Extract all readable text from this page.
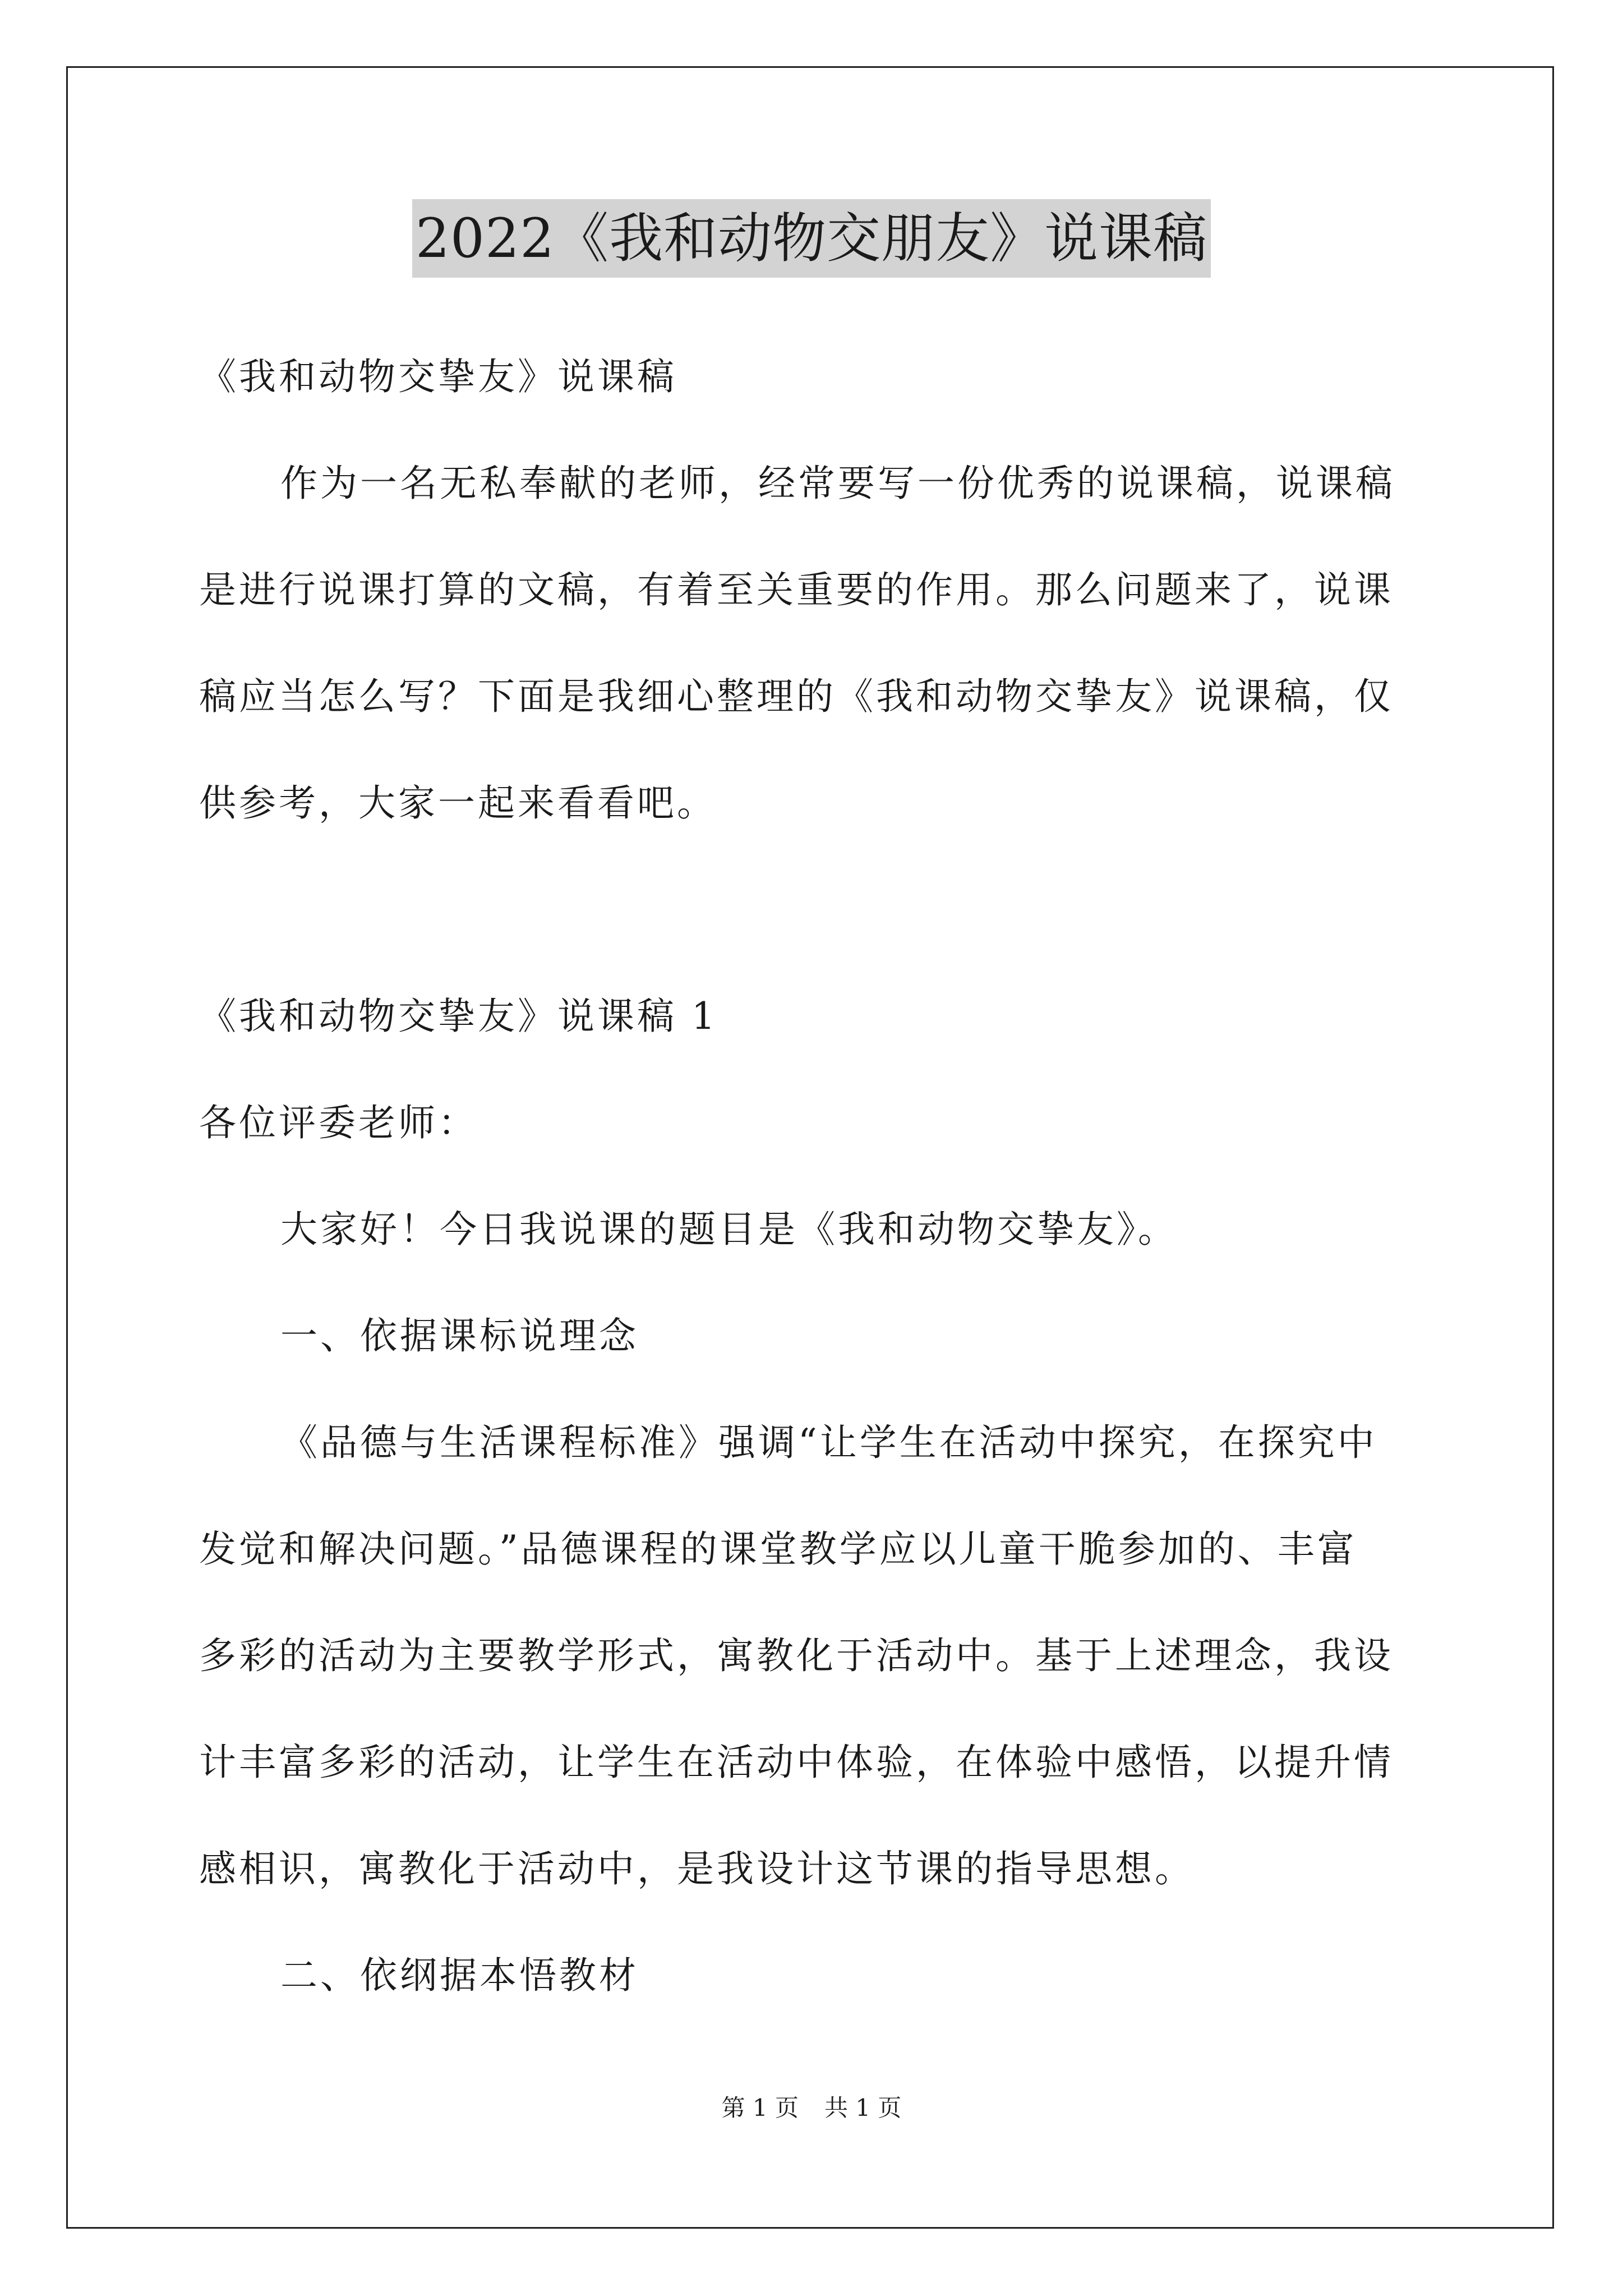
2022《我和动物交朋友》说课稿
《我和动物交挚友》说课稿
作为一名无私奉献的老师，经常要写一份优秀的说课稿，说课稿
是进行说课打算的文稿，有着至关重要的作用。那么问题来了，说课
稿应当怎么写？下面是我细心整理的《我和动物交挚友》说课稿，仅
供参考，大家一起来看看吧。
《我和动物交挚友》说课稿 1
各位评委老师：
大家好！今日我说课的题目是《我和动物交挚友》。
一、依据课标说理念
《品德与生活课程标准》强调“让学生在活动中探究，在探究中
发觉和解决问题。”品德课程的课堂教学应以儿童干脆参加的、丰富
多彩的活动为主要教学形式，寓教化于活动中。基于上述理念，我设
计丰富多彩的活动，让学生在活动中体验，在体验中感悟，以提升情
感相识，寓教化于活动中，是我设计这节课的指导思想。
二、依纲据本悟教材
第 1 页 共 1 页
